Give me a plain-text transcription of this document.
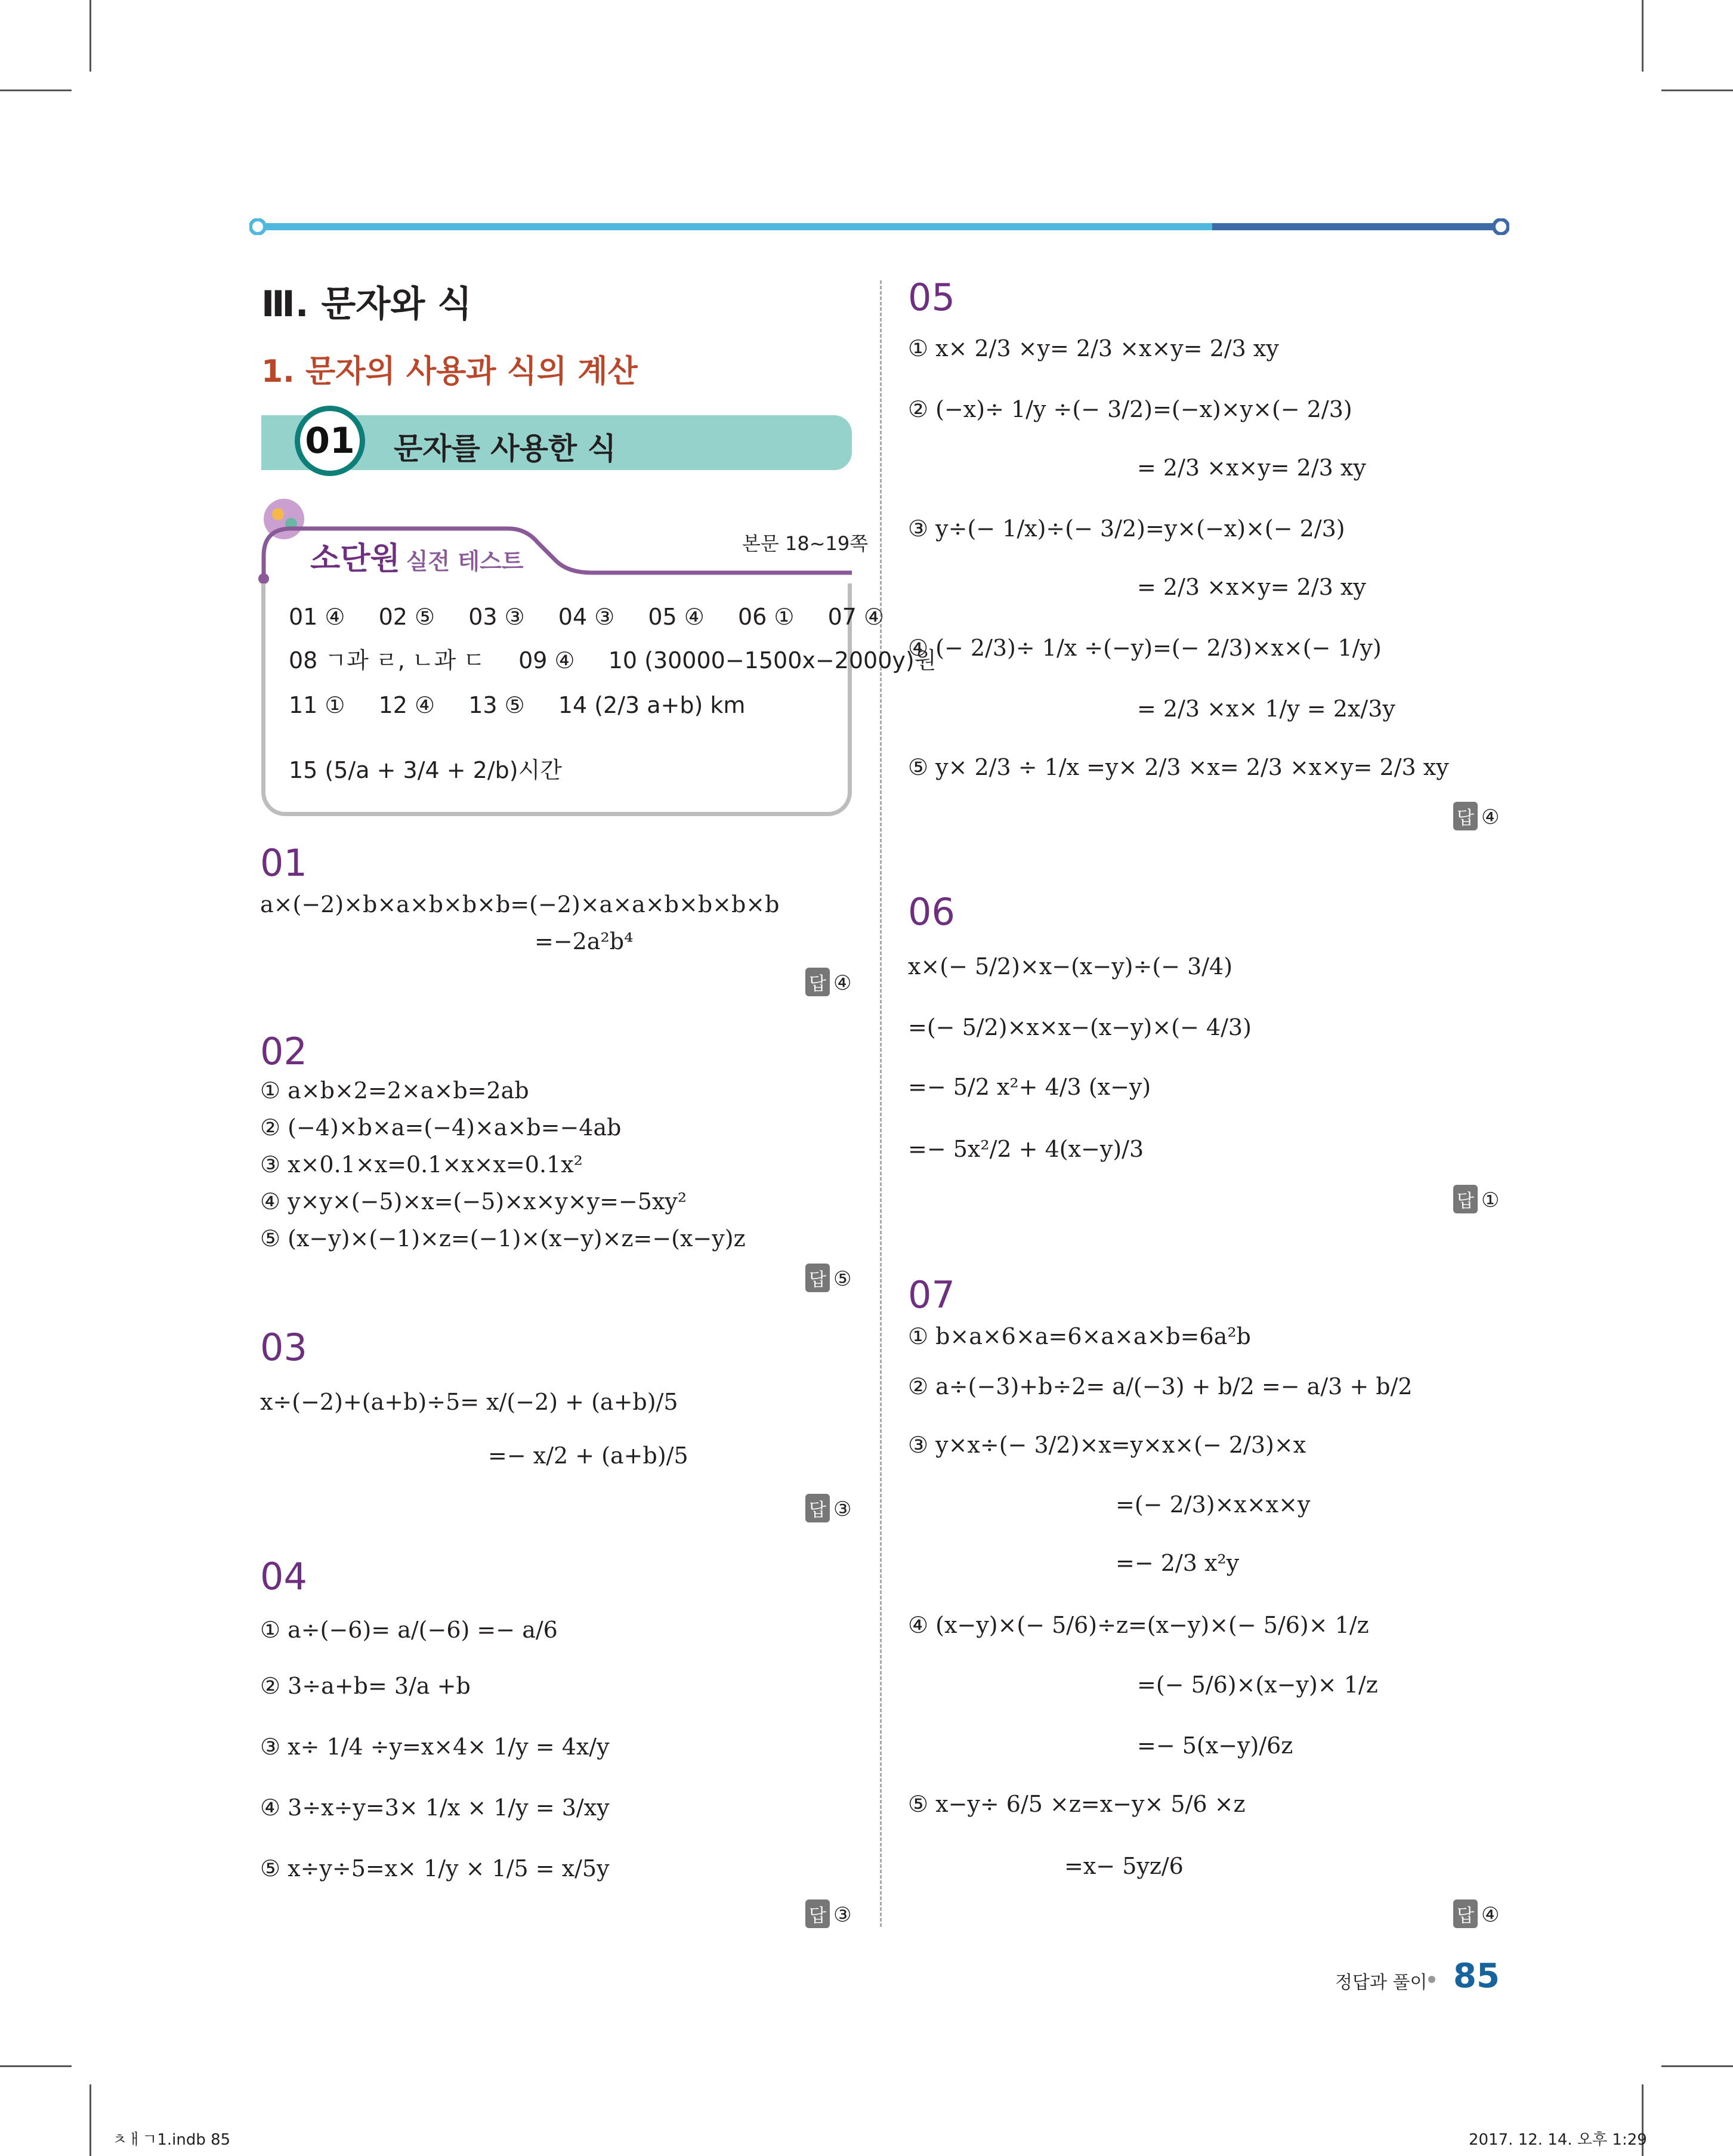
Ⅲ. 문자와 식
1. 문자의 사용과 식의 계산
01	문자를 사용한 식
소단원 실전 테스트
본문 18~19쪽
01 ④ 02 ⑤ 03 ③ 04 ③ 05 ④ 06 ① 07 ④
08 ㄱ과 ㄹ, ㄴ과 ㄷ 09 ④ 10 (30000−1500x−2000y)원
11 ① 12 ④ 13 ⑤ 14 (2/3 a+b) km
15 (5/a + 3/4 + 2/b)시간
01
a×(−2)×b×a×b×b×b=(−2)×a×a×b×b×b×b
=−2a²b⁴
답 ④
02
① a×b×2=2×a×b=2ab
② (−4)×b×a=(−4)×a×b=−4ab
③ x×0.1×x=0.1×x×x=0.1x²
④ y×y×(−5)×x=(−5)×x×y×y=−5xy²
⑤ (x−y)×(−1)×z=(−1)×(x−y)×z=−(x−y)z
답 ⑤
03
x÷(−2)+(a+b)÷5= x/(−2) + (a+b)/5
=− x/2 + (a+b)/5
답 ③
04
① a÷(−6)= a/(−6) =− a/6
② 3÷a+b= 3/a +b
③ x÷ 1/4 ÷y=x×4× 1/y = 4x/y
④ 3÷x÷y=3× 1/x × 1/y = 3/xy
⑤ x÷y÷5=x× 1/y × 1/5 = x/5y
답 ③
05
① x× 2/3 ×y= 2/3 ×x×y= 2/3 xy
② (−x)÷ 1/y ÷(− 3/2)=(−x)×y×(− 2/3)
= 2/3 ×x×y= 2/3 xy
③ y÷(− 1/x)÷(− 3/2)=y×(−x)×(− 2/3)
= 2/3 ×x×y= 2/3 xy
④ (− 2/3)÷ 1/x ÷(−y)=(− 2/3)×x×(− 1/y)
= 2/3 ×x× 1/y = 2x/3y
⑤ y× 2/3 ÷ 1/x =y× 2/3 ×x= 2/3 ×x×y= 2/3 xy
답 ④
06
x×(− 5/2)×x−(x−y)÷(− 3/4)
=(− 5/2)×x×x−(x−y)×(− 4/3)
=− 5/2 x²+ 4/3 (x−y)
=− 5x²/2 + 4(x−y)/3
답 ①
07
① b×a×6×a=6×a×a×b=6a²b
② a÷(−3)+b÷2= a/(−3) + b/2 =− a/3 + b/2
③ y×x÷(− 3/2)×x=y×x×(− 2/3)×x
=(− 2/3)×x×x×y
=− 2/3 x²y
④ (x−y)×(− 5/6)÷z=(x−y)×(− 5/6)× 1/z
=(− 5/6)×(x−y)× 1/z
=− 5(x−y)/6z
⑤ x−y÷ 6/5 ×z=x−y× 5/6 ×z
=x− 5yz/6
답 ④
정답과 풀이 85
ㅊㅐㄱ1.indb 85	2017. 12. 14. 오후 1:29
